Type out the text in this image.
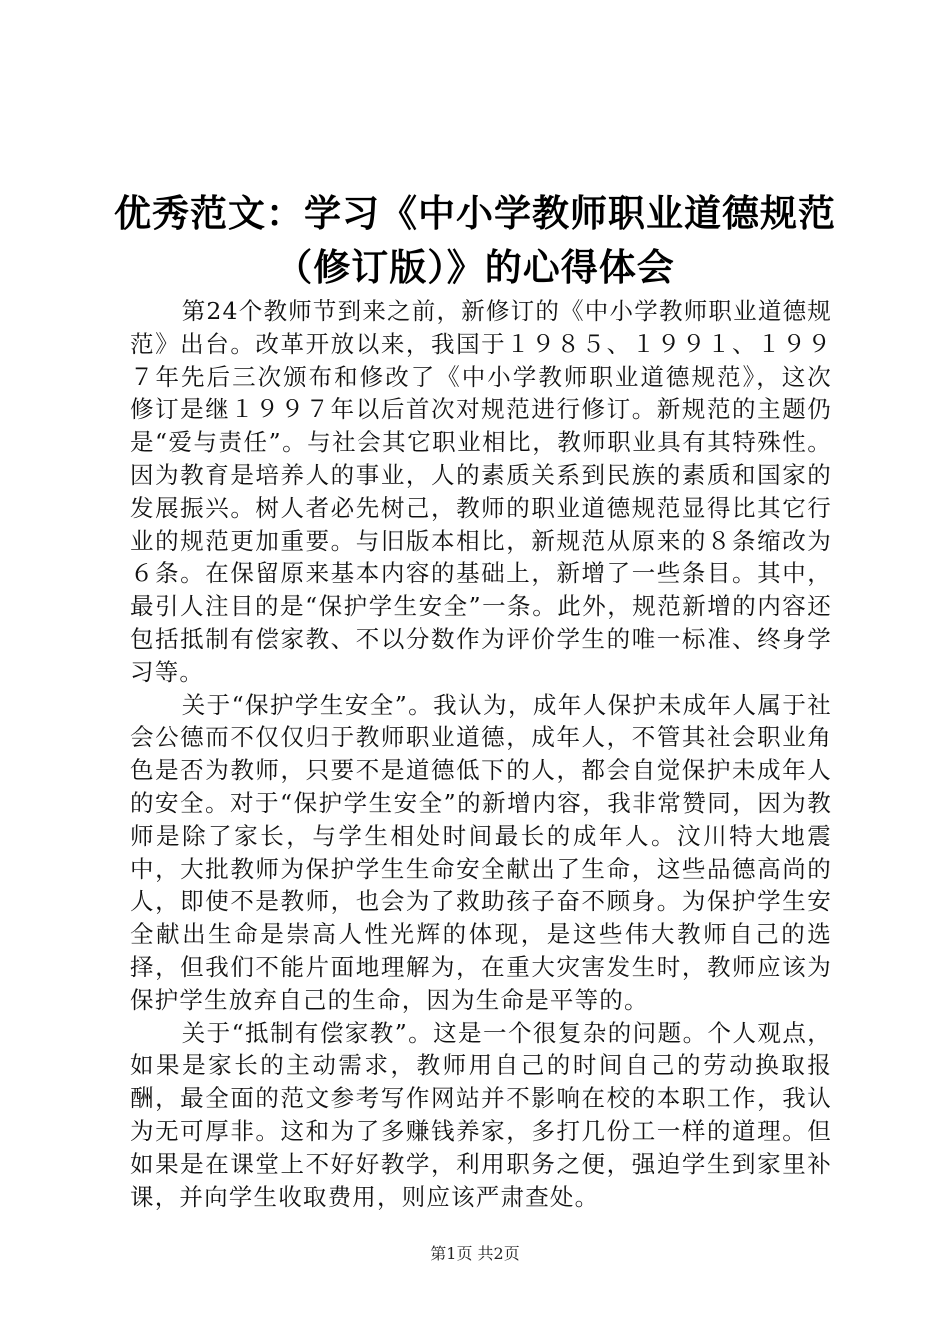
优秀范文：学习《中小学教师职业道德规范
（修订版）》的心得体会

第24个教师节到来之前，新修订的《中小学教师职业道德规范》出台。改革开放以来，我国于１９８５、１９９１、１９９７年先后三次颁布和修改了《中小学教师职业道德规范》，这次修订是继１９９７年以后首次对规范进行修订。新规范的主题仍是“爱与责任”。与社会其它职业相比，教师职业具有其特殊性。因为教育是培养人的事业，人的素质关系到民族的素质和国家的发展振兴。树人者必先树己，教师的职业道德规范显得比其它行业的规范更加重要。与旧版本相比，新规范从原来的８条缩改为６条。在保留原来基本内容的基础上，新增了一些条目。其中，最引人注目的是“保护学生安全”一条。此外，规范新增的内容还包括抵制有偿家教、不以分数作为评价学生的唯一标准、终身学习等。

关于“保护学生安全”。我认为，成年人保护未成年人属于社会公德而不仅仅归于教师职业道德，成年人，不管其社会职业角色是否为教师，只要不是道德低下的人，都会自觉保护未成年人的安全。对于“保护学生安全”的新增内容，我非常赞同，因为教师是除了家长，与学生相处时间最长的成年人。汶川特大地震中，大批教师为保护学生生命安全献出了生命，这些品德高尚的人，即使不是教师，也会为了救助孩子奋不顾身。为保护学生安全献出生命是崇高人性光辉的体现，是这些伟大教师自己的选择，但我们不能片面地理解为，在重大灾害发生时，教师应该为保护学生放弃自己的生命，因为生命是平等的。

关于“抵制有偿家教”。这是一个很复杂的问题。个人观点，如果是家长的主动需求，教师用自己的时间自己的劳动换取报酬，最全面的范文参考写作网站并不影响在校的本职工作，我认为无可厚非。这和为了多赚钱养家，多打几份工一样的道理。但如果是在课堂上不好好教学，利用职务之便，强迫学生到家里补课，并向学生收取费用，则应该严肃查处。

第1页 共2页
